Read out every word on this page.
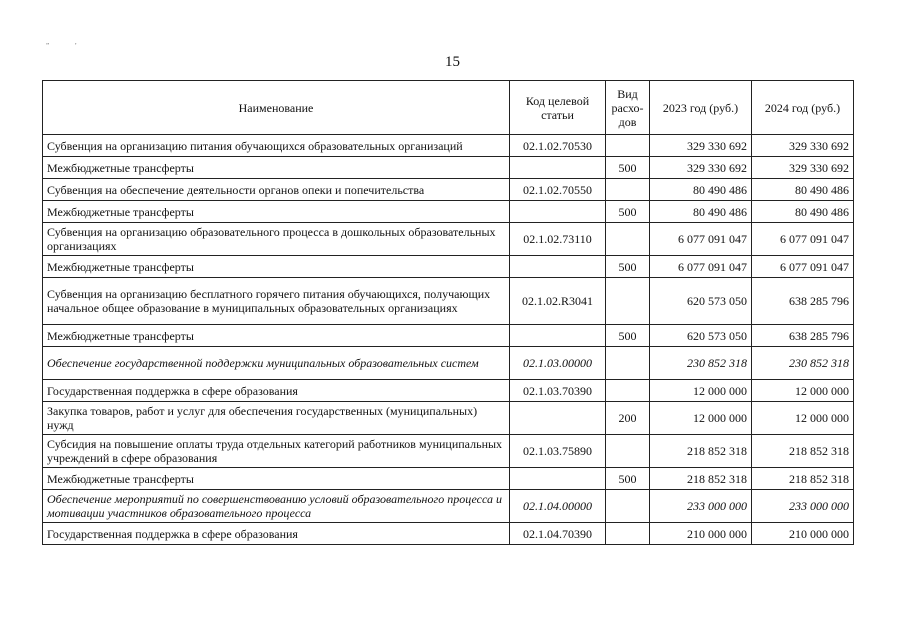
„ ,
15
Наименование	Код целевой статьи	Вид расхо-дов	2023 год (руб.)	2024 год (руб.)
Субвенция на организацию питания обучающихся образовательных организаций	02.1.02.70530		329 330 692	329 330 692
Межбюджетные трансферты		500	329 330 692	329 330 692
Субвенция на обеспечение деятельности органов опеки и попечительства	02.1.02.70550		80 490 486	80 490 486
Межбюджетные трансферты		500	80 490 486	80 490 486
Субвенция на организацию образовательного процесса в дошкольных образовательных организациях	02.1.02.73110		6 077 091 047	6 077 091 047
Межбюджетные трансферты		500	6 077 091 047	6 077 091 047
Субвенция на организацию бесплатного горячего питания обучающихся, получающих начальное общее образование в муниципальных образовательных организациях	02.1.02.R3041		620 573 050	638 285 796
Межбюджетные трансферты		500	620 573 050	638 285 796
Обеспечение государственной поддержки муниципальных образовательных систем	02.1.03.00000		230 852 318	230 852 318
Государственная поддержка в сфере образования	02.1.03.70390		12 000 000	12 000 000
Закупка товаров, работ и услуг для обеспечения государственных (муниципальных) нужд		200	12 000 000	12 000 000
Субсидия на повышение оплаты труда отдельных категорий работников муниципальных учреждений в сфере образования	02.1.03.75890		218 852 318	218 852 318
Межбюджетные трансферты		500	218 852 318	218 852 318
Обеспечение мероприятий по совершенствованию условий образовательного процесса и мотивации участников образовательного процесса	02.1.04.00000		233 000 000	233 000 000
Государственная поддержка в сфере образования	02.1.04.70390		210 000 000	210 000 000
